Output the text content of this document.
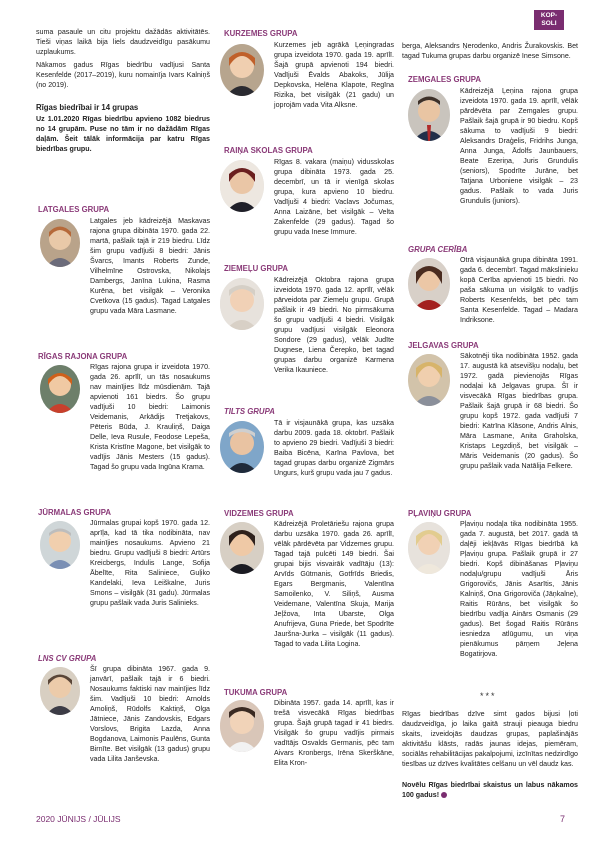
KOP-
SOLI

suma pasaule un citu projektu dažādās aktivitātēs. Tieši viņas laikā bija liels daudzveidīgu pasākumu uzplaukums.

Nākamos gadus Rīgas biedrību vadījusi Santa Kesenfelde (2017–2019), kuru nomainīja Ivars Kalniņš (no 2019).

Rīgas biedrībai ir 14 grupas

Uz 1.01.2020 Rīgas biedrību apvieno 1082 biedrus no 14 grupām. Puse no tām ir no dažādām Rīgas daļām. Šeit tālāk informācija par katru Rīgas biedrības grupu.

LATGALES GRUPA

Latgales jeb kādreizējā Maskavas rajona grupa dibināta 1970. gada 22. martā, pašlaik tajā ir 219 biedru. Līdz šim grupu vadījuši 8 biedri: Jānis Švarcs, Imants Roberts Zunde, Vilhelmīne Ostrovska, Nikolajs Dambergs, Janīna Lukina, Rasma Kurēna, bet visilgāk – Veronika Cvetkova (15 gadus). Tagad Latgales grupu vada Māra Lasmane.

RĪGAS RAJONA GRUPA

Rīgas rajona grupa ir izveidota 1970. gada 26. aprīlī, un tās nosaukums nav mainījies līdz mūsdienām. Tajā apvienoti 161 biedrs. Šo grupu vadījuši 10 biedri: Laimonis Veidemanis, Arkādijs Tretjakovs, Pēteris Būda, J. Krauliņš, Daiga Delle, Ieva Rusule, Feodose Lepeša, Krista Kristīne Magone, bet visilgāk to vadījis Jānis Mesters (15 gadus). Tagad šo grupu vada Ingūna Krama.

JŪRMALAS GRUPA

Jūrmalas grupai kopš 1970. gada 12. aprīļa, kad tā tika nodibināta, nav mainījies nosaukums. Apvieno 21 biedru. Grupu vadījuši 8 biedri: Artūrs Kreicbergs, Indulis Lange, Sofija Ābelīte, Rita Saliniece, Guļiko Kandelaki, Ieva Leiškalne, Juris Smons – visilgāk (31 gadu). Jūrmalas grupu pašlaik vada Juris Salinieks.

LNS CV GRUPA

Šī grupa dibināta 1967. gada 9. janvārī, pašlaik tajā ir 6 biedri. Nosaukums faktiski nav mainījies līdz šim. Vadījuši 10 biedri: Arnolds Amoliņš, Rūdolfs Kaktiņš, Olga Jātniece, Jānis Zandovskis, Edgars Vorslovs, Brigita Lazda, Anna Bogdanova, Laimonis Paulēns, Gunta Birnīte. Bet visilgāk (13 gadus) grupu vada Lilita Janševska.

KURZEMES GRUPA

Kurzemes jeb agrākā Ļeņingradas grupa izveidota 1970. gada 19. aprīlī. Šajā grupā apvienoti 194 biedri. Vadījuši Ēvalds Abakoks, Jūlija Depkovska, Helēna Klapote, Regīna Rizika, bet visilgāk (21 gadu) un joprojām vada Vita Alksne.

RAIŅA SKOLAS GRUPA

Rīgas 8. vakara (maiņu) vidusskolas grupa dibināta 1973. gada 25. decembrī, un tā ir vienīgā skolas grupa, kura apvieno 10 biedru. Vadījuši 4 biedri: Vaclavs Jočumas, Anna Laizāne, bet visilgāk – Velta Zakenfelde (29 gadus). Tagad šo grupu vada Inese Immure.

ZIEMEĻU GRUPA

Kādreizējā Oktobra rajona grupa izveidota 1970. gada 12. aprīlī, vēlāk pārveidota par Ziemeļu grupu. Grupā pašlaik ir 49 biedri. No pirmsākuma šo grupu vadījuši 4 biedri. Visilgāk grupu vadījusi visilgāk Eleonora Sondore (29 gadus), vēlāk Judīte Dugnese, Liena Čerepko, bet tagad grupas darbu organizē Karmena Verika Ikauniece.

TILTS GRUPA

Tā ir visjaunākā grupa, kas uzsāka darbu 2009. gada 18. oktobrī. Pašlaik to apvieno 29 biedri. Vadījuši 3 biedri: Baiba Bicēna, Karīna Pavlova, bet tagad grupas darbu organizē Zigmārs Ungurs, kurš grupu vada jau 7 gadus.

VIDZEMES GRUPA

Kādreizējā Proletāriešu rajona grupa darbu uzsāka 1970. gada 26. aprīlī, vēlāk pārdēvēta par Vidzemes grupu. Tagad tajā pulcēti 149 biedri. Šai grupai bijis visvairāk vadītāju (13): Arvīds Gūtmanis, Gotfrīds Briedis, Egars Bergmanis, Valentīna Samoilenko, V. Siliņš, Ausma Veidemane, Valentīna Skuja, Marija Jeļžova, Inta Ubarste, Olga Anufrijeva, Guna Priede, bet Spodrīte Jauršna-Jurka – visilgāk (11 gadus). Tagad to vada Lilita Logina.

TUKUMA GRUPA

Dibināta 1957. gada 14. aprīlī, kas ir trešā visvecākā Rīgas biedrības grupa. Šajā grupā tagad ir 41 biedrs. Visilgāk šo grupu vadījis pirmais vadītājs Osvalds Germanis, pēc tam Aivars Kronbergs, Irēna Skerškāne, Elita Kron-

berga, Aleksandrs Ņerodenko, Andris Žurakovskis. Bet tagad Tukuma grupas darbu organizē Inese Simsone.

ZEMGALES GRUPA

Kādreizējā Ļeņina rajona grupa izveidota 1970. gada 19. aprīlī, vēlāk pārdēvēta par Zemgales grupu. Pašlaik šajā grupā ir 90 biedru. Kopš sākuma to vadījuši 9 biedri: Aleksandrs Draģelis, Fridrihs Junga, Anna Junga, Ādolfs Jaunbauers, Beate Ezeriņa, Juris Grundulis (seniors), Spodrīte Jurāne, bet Tatjana Urboniene visilgāk – 23 gadus. Pašlaik to vada Juris Grundulis (juniors).

GRUPA CERĪBA

Otrā visjaunākā grupa dibināta 1991. gada 6. decembrī. Tagad mākslinieku kopā Cerība apvienoti 15 biedri. No paša sākuma un visilgāk to vadījis Roberts Kesenfelds, bet pēc tam Santa Kesenfelde. Tagad – Madara Indriksone.

JELGAVAS GRUPA

Sākotnēji tika nodibināta 1952. gada 17. augustā kā atsevišķu nodaļu, bet 1972. gadā pievienojās Rīgas nodaļai kā Jelgavas grupa. Šī ir visvecākā Rīgas biedrības grupa. Pašlaik šajā grupā ir 68 biedri. Šo grupu kopš 1972. gada vadījuši 7 biedri: Katrīna Klāsone, Andris Alnis, Māra Lasmane, Anita Graholska, Kristaps Legzdiņš, bet visilgāk – Māris Veidemanis (20 gadus). Šo grupu pašlaik vada Natālija Felkere.

PĻAVIŅU GRUPA

Pļaviņu nodaļa tika nodibināta 1955. gada 7. augustā, bet 2017. gadā tā daļēji iekļāvās Rīgas biedrībā kā Pļaviņu grupa. Pašlaik grupā ir 27 biedri. Kopš dibināšanas Pļaviņu nodaļu/grupu vadījuši Āris Grigorovičs, Jānis Asarītis, Jānis Kalniņš, Ona Grigoroviča (Jāņkalne), Raitis Rūrāns, bet visilgāk šo biedrību vadīja Ainārs Osmanis (29 gadus). Bet šogad Raitis Rūrāns iesniedza atlūgumu, un viņa pienākumus pārņem Jeļena Bogatirjova.

Rīgas biedrības dzīve simt gados bijusi ļoti daudzveidīga, jo laika gaitā strauji pieauga biedru skaits, izveidojās daudzas grupas, paplašinājās aktivitāšu klāsts, radās jaunas idejas, piemēram, sociālās rehabilitācijas pakalpojumi, izcīnītas nedzirdīgo tiesības uz dzīves kvalitātes celšanu un vēl daudz kas.

Novēlu Rīgas biedrībai skaistus un labus nākamos 100 gadus!

***
2020 JŪNIJS / JŪLIJS	7
